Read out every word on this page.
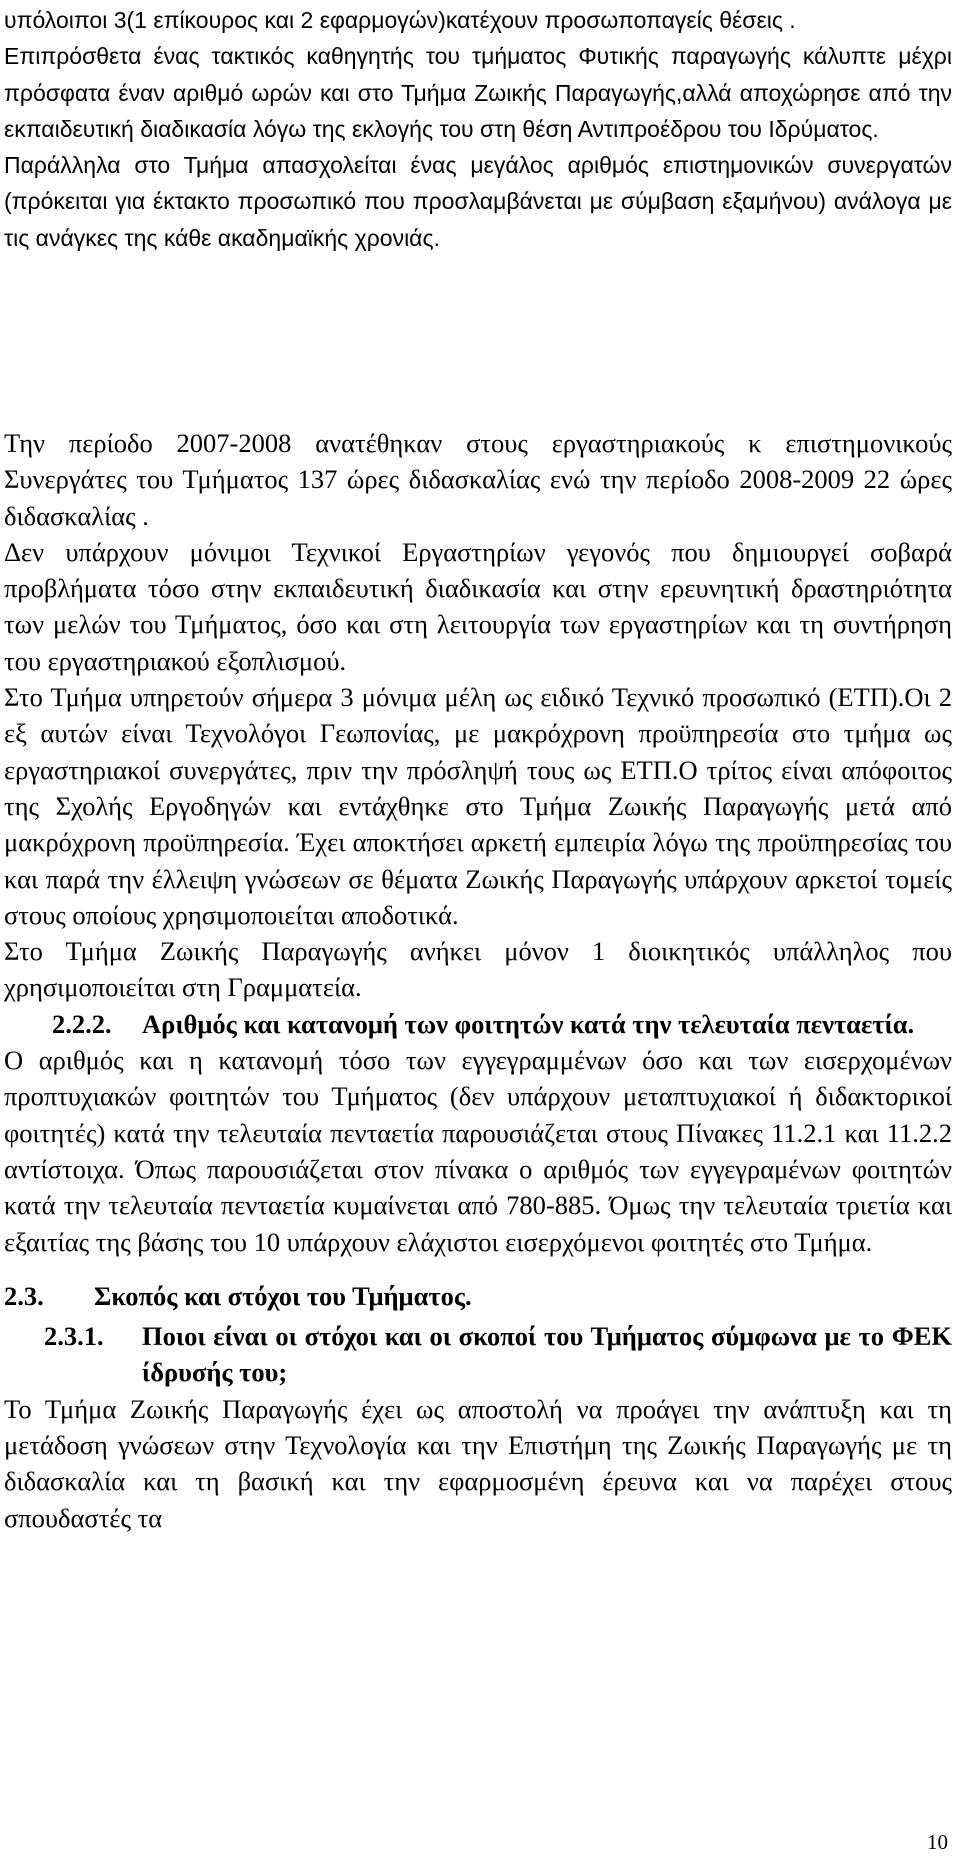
υπόλοιποι 3(1 επίκουρος και 2 εφαρμογών)κατέχουν προσωποπαγείς θέσεις .

Επιπρόσθετα ένας τακτικός καθηγητής του τμήματος Φυτικής παραγωγής κάλυπτε μέχρι πρόσφατα έναν αριθμό ωρών και στο Τμήμα Ζωικής Παραγωγής,αλλά αποχώρησε από την εκπαιδευτική διαδικασία λόγω της εκλογής του στη θέση Αντιπροέδρου του Ιδρύματος.

Παράλληλα στο Τμήμα απασχολείται ένας μεγάλος αριθμός επιστημονικών συνεργατών (πρόκειται για έκτακτο προσωπικό που προσλαμβάνεται με σύμβαση εξαμήνου) ανάλογα με τις ανάγκες της κάθε ακαδημαϊκής χρονιάς.

Την περίοδο 2007-2008 ανατέθηκαν στους εργαστηριακούς κ επιστημονικούς Συνεργάτες του Τμήματος 137 ώρες διδασκαλίας ενώ την περίοδο 2008-2009 22 ώρες διδασκαλίας .

Δεν υπάρχουν μόνιμοι Τεχνικοί Εργαστηρίων γεγονός που δημιουργεί σοβαρά προβλήματα τόσο στην εκπαιδευτική διαδικασία και στην ερευνητική δραστηριότητα των μελών του Τμήματος, όσο και στη λειτουργία των εργαστηρίων και τη συντήρηση του εργαστηριακού εξοπλισμού.

Στο Τμήμα υπηρετούν σήμερα 3 μόνιμα μέλη ως ειδικό Τεχνικό προσωπικό (ΕΤΠ).Οι 2 εξ αυτών είναι Τεχνολόγοι Γεωπονίας, με μακρόχρονη προϋπηρεσία στο τμήμα ως εργαστηριακοί συνεργάτες, πριν την πρόσληψή τους ως ΕΤΠ.Ο τρίτος είναι απόφοιτος της Σχολής Εργοδηγών και εντάχθηκε στο Τμήμα Ζωικής Παραγωγής μετά από μακρόχρονη προϋπηρεσία. Έχει αποκτήσει αρκετή εμπειρία λόγω της προϋπηρεσίας του και παρά την έλλειψη γνώσεων σε θέματα Ζωικής Παραγωγής υπάρχουν αρκετοί τομείς στους οποίους χρησιμοποιείται αποδοτικά.

Στο Τμήμα Ζωικής Παραγωγής ανήκει μόνον 1 διοικητικός υπάλληλος που χρησιμοποιείται στη Γραμματεία.

2.2.2.	Αριθμός και κατανομή των φοιτητών κατά την τελευταία πενταετία.

Ο αριθμός και η κατανομή τόσο των εγγεγραμμένων όσο και των εισερχομένων προπτυχιακών φοιτητών του Τμήματος (δεν υπάρχουν μεταπτυχιακοί ή διδακτορικοί φοιτητές) κατά την τελευταία πενταετία παρουσιάζεται στους Πίνακες 11.2.1 και 11.2.2 αντίστοιχα. Όπως παρουσιάζεται στον πίνακα ο αριθμός των εγγεγραμένων φοιτητών κατά την τελευταία πενταετία κυμαίνεται από 780-885. Όμως την τελευταία τριετία και εξαιτίας της βάσης του 10 υπάρχουν ελάχιστοι εισερχόμενοι φοιτητές στο Τμήμα.

2.3.	Σκοπός και στόχοι του Τμήματος.
2.3.1.	Ποιοι είναι οι στόχοι και οι σκοποί του Τμήματος σύμφωνα με το ΦΕΚ ίδρυσής του;

Το Τμήμα Ζωικής Παραγωγής έχει ως αποστολή να προάγει την ανάπτυξη και τη μετάδοση γνώσεων στην Τεχνολογία και την Επιστήμη της Ζωικής Παραγωγής με τη διδασκαλία και τη βασική και την εφαρμοσμένη έρευνα και να παρέχει στους σπουδαστές τα

10
